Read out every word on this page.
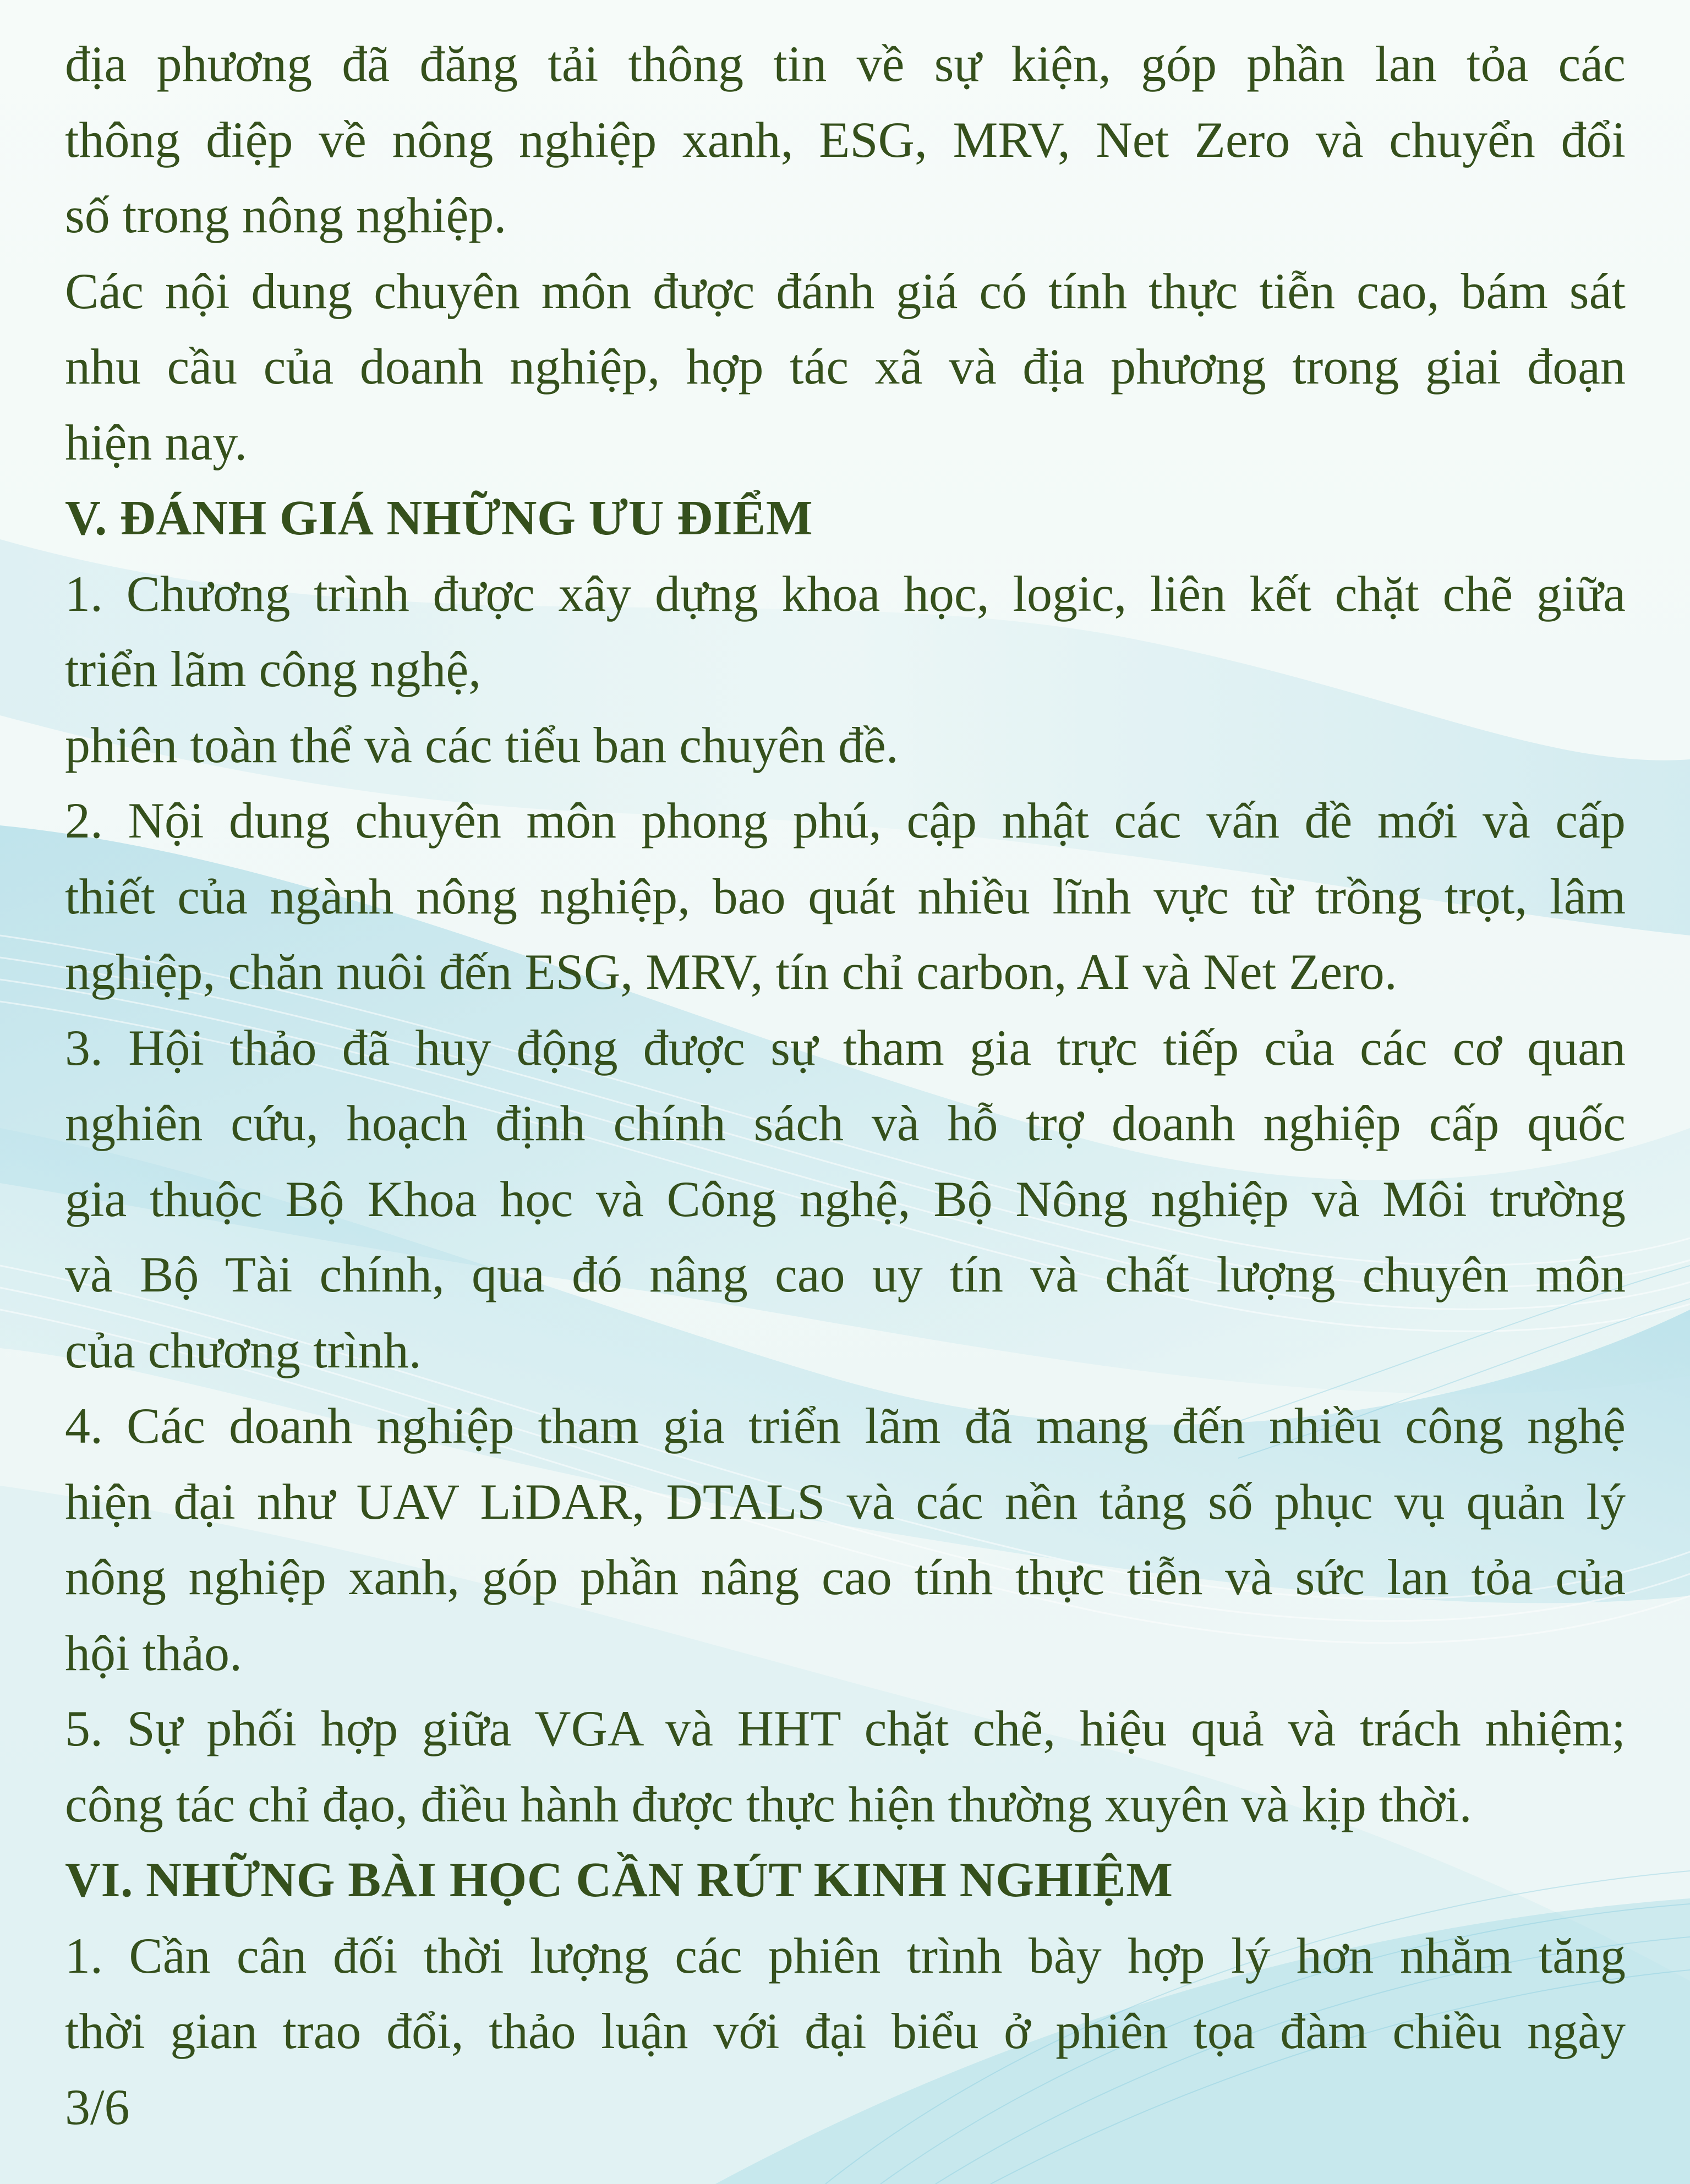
địa phương đã đăng tải thông tin về sự kiện, góp phần lan tỏa các
thông điệp về nông nghiệp xanh, ESG, MRV, Net Zero và chuyển đổi
số trong nông nghiệp.
Các nội dung chuyên môn được đánh giá có tính thực tiễn cao, bám sát
nhu cầu của doanh nghiệp, hợp tác xã và địa phương trong giai đoạn
hiện nay.
V. ĐÁNH GIÁ NHỮNG ƯU ĐIỂM
1. Chương trình được xây dựng khoa học, logic, liên kết chặt chẽ giữa
triển lãm công nghệ,
phiên toàn thể và các tiểu ban chuyên đề.
2. Nội dung chuyên môn phong phú, cập nhật các vấn đề mới và cấp
thiết của ngành nông nghiệp, bao quát nhiều lĩnh vực từ trồng trọt, lâm
nghiệp, chăn nuôi đến ESG, MRV, tín chỉ carbon, AI và Net Zero.
3. Hội thảo đã huy động được sự tham gia trực tiếp của các cơ quan
nghiên cứu, hoạch định chính sách và hỗ trợ doanh nghiệp cấp quốc
gia thuộc Bộ Khoa học và Công nghệ, Bộ Nông nghiệp và Môi trường
và Bộ Tài chính, qua đó nâng cao uy tín và chất lượng chuyên môn
của chương trình.
4. Các doanh nghiệp tham gia triển lãm đã mang đến nhiều công nghệ
hiện đại như UAV LiDAR, DTALS và các nền tảng số phục vụ quản lý
nông nghiệp xanh, góp phần nâng cao tính thực tiễn và sức lan tỏa của
hội thảo.
5. Sự phối hợp giữa VGA và HHT chặt chẽ, hiệu quả và trách nhiệm;
công tác chỉ đạo, điều hành được thực hiện thường xuyên và kịp thời.
VI. NHỮNG BÀI HỌC CẦN RÚT KINH NGHIỆM
1. Cần cân đối thời lượng các phiên trình bày hợp lý hơn nhằm tăng
thời gian trao đổi, thảo luận với đại biểu ở phiên tọa đàm chiều ngày
3/6
